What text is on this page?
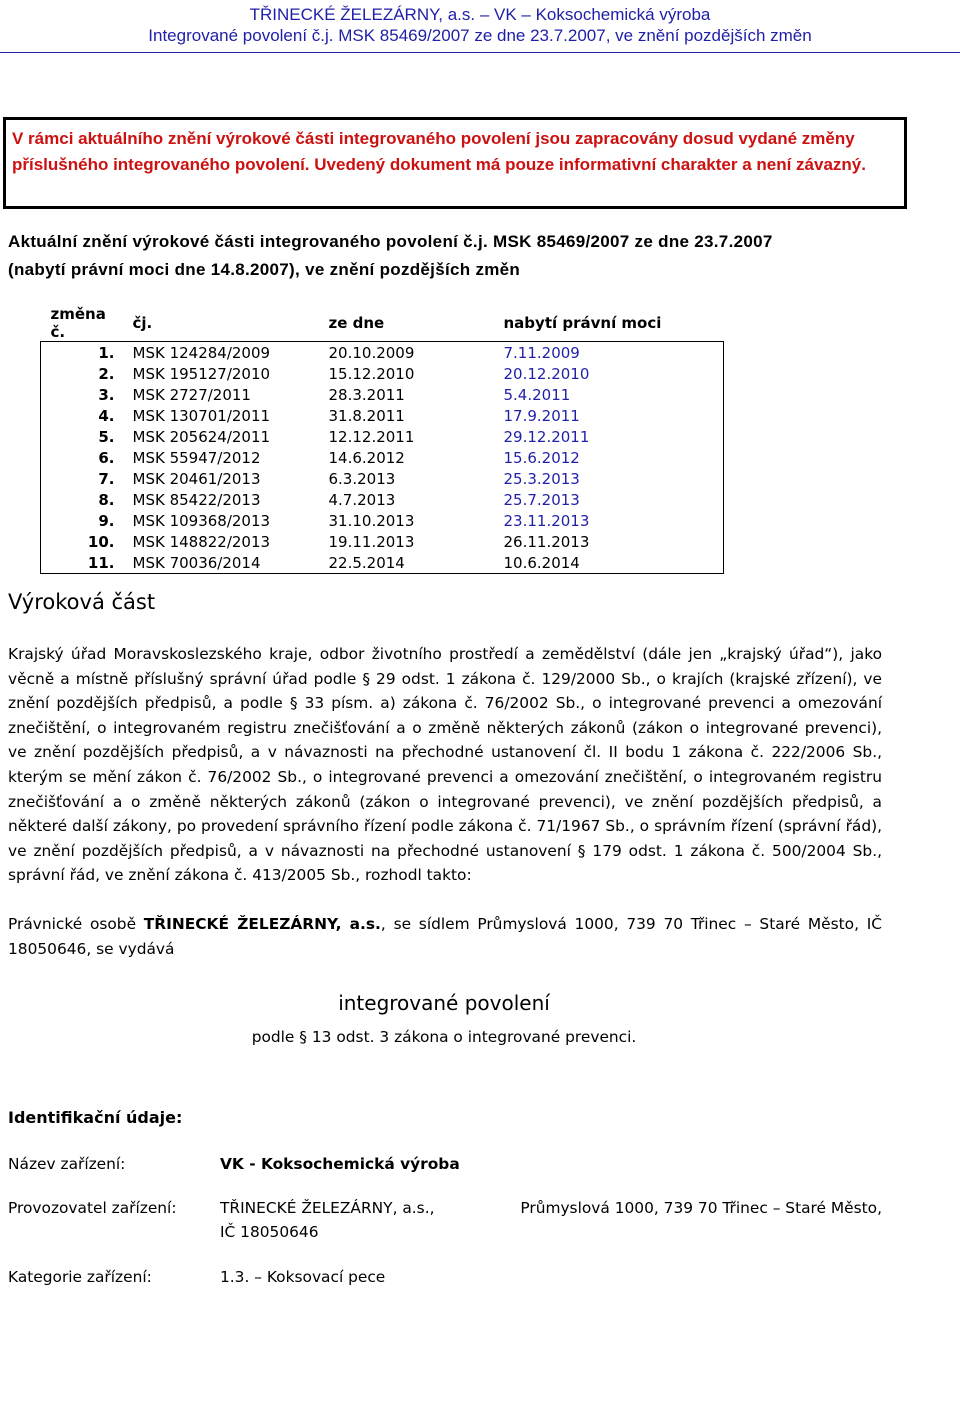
TŘINECKÉ ŽELEZÁRNY, a.s. – VK – Koksochemická výroba
Integrované povolení č.j. MSK 85469/2007 ze dne 23.7.2007, ve znění pozdějších změn
V rámci aktuálního znění výrokové části integrovaného povolení jsou zapracovány dosud vydané změny příslušného integrovaného povolení. Uvedený dokument má pouze informativní charakter a není závazný.
Aktuální znění výrokové části integrovaného povolení č.j. MSK 85469/2007 ze dne 23.7.2007
(nabytí právní moci dne 14.8.2007), ve znění pozdějších změn
změna č.	čj.	ze dne	nabytí právní moci
1.	MSK 124284/2009	20.10.2009	7.11.2009
2.	MSK 195127/2010	15.12.2010	20.12.2010
3.	MSK 2727/2011	28.3.2011	5.4.2011
4.	MSK 130701/2011	31.8.2011	17.9.2011
5.	MSK 205624/2011	12.12.2011	29.12.2011
6.	MSK 55947/2012	14.6.2012	15.6.2012
7.	MSK 20461/2013	6.3.2013	25.3.2013
8.	MSK 85422/2013	4.7.2013	25.7.2013
9.	MSK 109368/2013	31.10.2013	23.11.2013
10.	MSK 148822/2013	19.11.2013	26.11.2013
11.	MSK 70036/2014	22.5.2014	10.6.2014
Výroková část
Krajský úřad Moravskoslezského kraje, odbor životního prostředí a zemědělství (dále jen „krajský úřad“), jako věcně a místně příslušný správní úřad podle § 29 odst. 1 zákona č. 129/2000 Sb., o krajích (krajské zřízení), ve znění pozdějších předpisů, a podle § 33 písm. a) zákona č. 76/2002 Sb., o integrované prevenci a omezování znečištění, o integrovaném registru znečišťování a o změně některých zákonů (zákon o integrované prevenci), ve znění pozdějších předpisů, a v návaznosti na přechodné ustanovení čl. II bodu 1 zákona č. 222/2006 Sb., kterým se mění zákon č. 76/2002 Sb., o integrované prevenci a omezování znečištění, o integrovaném registru znečišťování a o změně některých zákonů (zákon o integrované prevenci), ve znění pozdějších předpisů, a některé další zákony, po provedení správního řízení podle zákona č. 71/1967 Sb., o správním řízení (správní řád), ve znění pozdějších předpisů, a v návaznosti na přechodné ustanovení § 179 odst. 1 zákona č. 500/2004 Sb., správní řád, ve znění zákona č. 413/2005 Sb., rozhodl takto:
Právnické osobě TŘINECKÉ ŽELEZÁRNY, a.s., se sídlem Průmyslová 1000, 739 70 Třinec – Staré Město, IČ 18050646, se vydává
integrované povolení
podle § 13 odst. 3 zákona o integrované prevenci.
Identifikační údaje:
Název zařízení:	VK - Koksochemická výroba
Provozovatel zařízení:	TŘINECKÉ ŽELEZÁRNY, a.s.,	Průmyslová 1000, 739 70 Třinec – Staré Město,
IČ 18050646
Kategorie zařízení:	1.3. – Koksovací pece
